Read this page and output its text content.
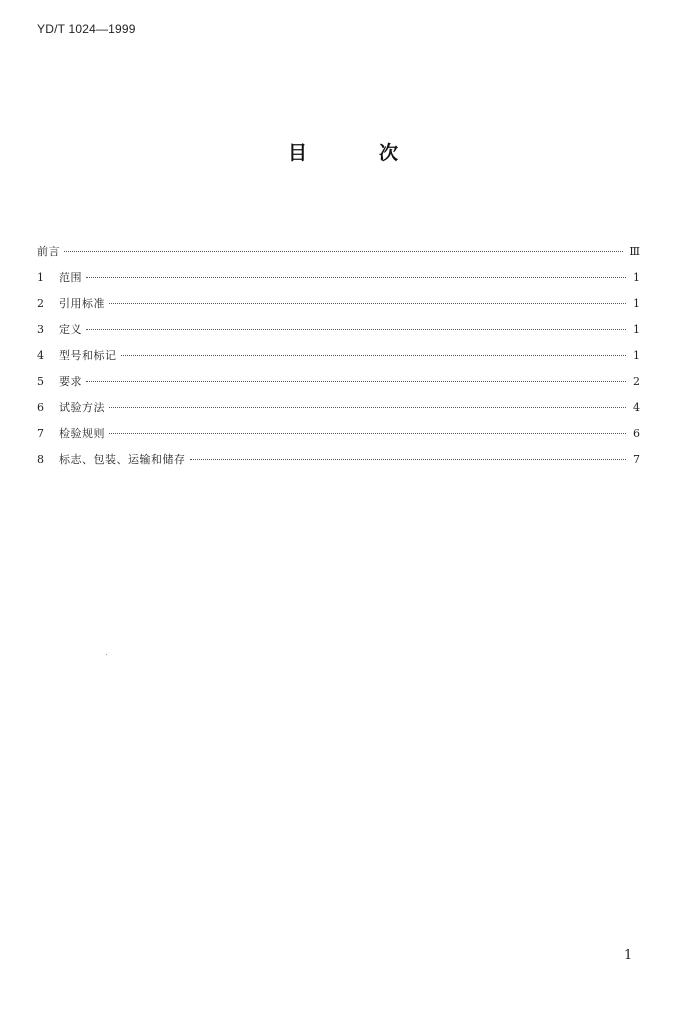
YD/T 1024—1999
目	次
前言	Ⅲ
1	范围	1
2	引用标准	1
3	定义	1
4	型号和标记	1
5	要求	2
6	试验方法	4
7	检验规则	6
8	标志、包装、运输和储存	7
1
